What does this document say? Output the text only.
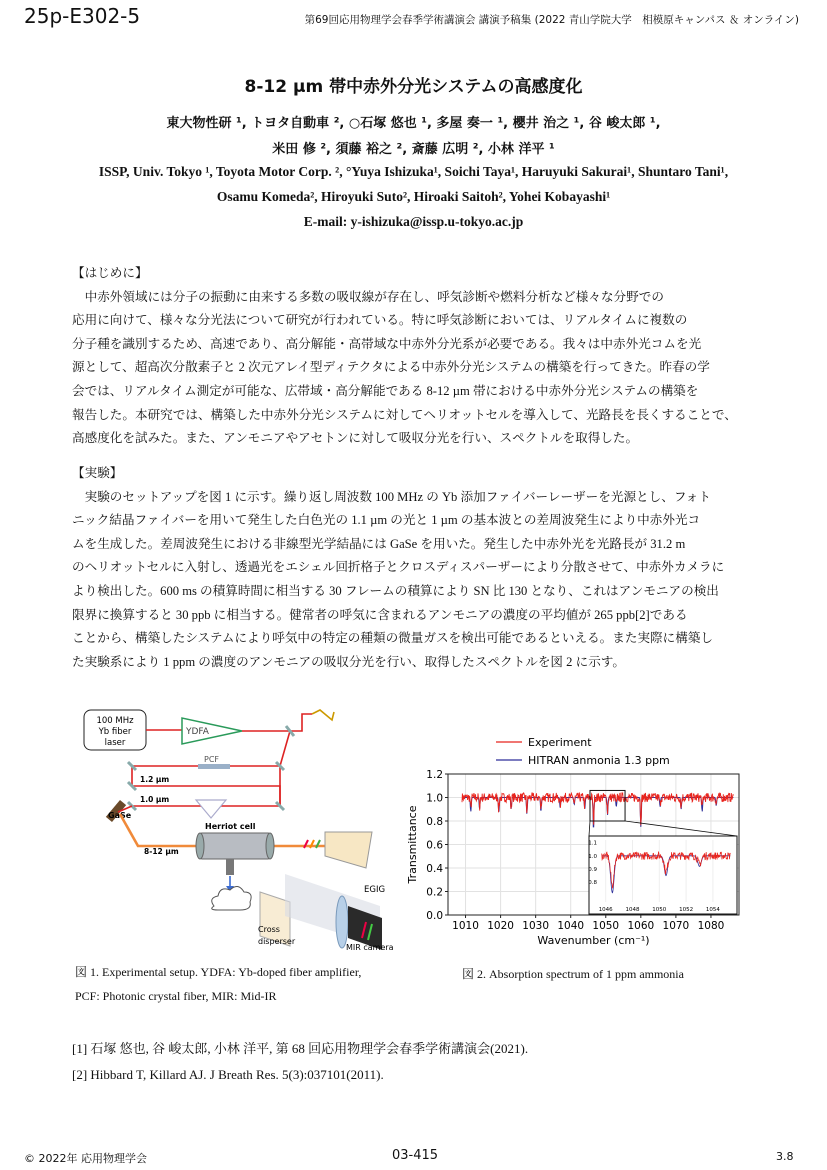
25p-E302-5	第69回応用物理学会春季学術講演会 講演予稿集 (2022 青山学院大学　相模原キャンパス ＆ オンライン)
8-12 µm 帯中赤外分光システムの高感度化
東大物性研 ¹, トヨタ自動車 ², ○石塚 悠也 ¹, 多屋 奏一 ¹, 櫻井 治之 ¹, 谷 峻太郎 ¹,
米田 修 ², 須藤 裕之 ², 斎藤 広明 ², 小林 洋平 ¹
ISSP, Univ. Tokyo ¹, Toyota Motor Corp. ², °Yuya Ishizuka¹, Soichi Taya¹, Haruyuki Sakurai¹, Shuntaro Tani¹,
Osamu Komeda², Hiroyuki Suto², Hiroaki Saitoh², Yohei Kobayashi¹
E-mail: y-ishizuka@issp.u-tokyo.ac.jp

【はじめに】

　中赤外領域には分子の振動に由来する多数の吸収線が存在し、呼気診断や燃料分析など様々な分野での

応用に向けて、様々な分光法について研究が行われている。特に呼気診断においては、リアルタイムに複数の

分子種を識別するため、高速であり、高分解能・高帯域な中赤外分光系が必要である。我々は中赤外光コムを光

源として、超高次分散素子と 2 次元アレイ型ディテクタによる中赤外分光システムの構築を行ってきた。昨春の学

会では、リアルタイム測定が可能な、広帯域・高分解能である 8-12 µm 帯における中赤外分光システムの構築を

報告した。本研究では、構築した中赤外分光システムに対してヘリオットセルを導入して、光路長を長くすることで、

高感度化を試みた。また、アンモニアやアセトンに対して吸収分光を行い、スペクトルを取得した。

【実験】

　実験のセットアップを図 1 に示す。繰り返し周波数 100 MHz の Yb 添加ファイバーレーザーを光源とし、フォト

ニック結晶ファイバーを用いて発生した白色光の 1.1 µm の光と 1 µm の基本波との差周波発生により中赤外光コ

ムを生成した。差周波発生における非線型光学結晶には GaSe を用いた。発生した中赤外光を光路長が 31.2 m

のヘリオットセルに入射し、透過光をエシェル回折格子とクロスディスパーザーにより分散させて、中赤外カメラに

より検出した。600 ms の積算時間に相当する 30 フレームの積算により SN 比 130 となり、これはアンモニアの検出

限界に換算すると 30 ppb に相当する。健常者の呼気に含まれるアンモニアの濃度の平均値が 265 ppb[2]である

ことから、構築したシステムにより呼気中の特定の種類の微量ガスを検出可能であるといえる。また実際に構築し

た実験系により 1 ppm の濃度のアンモニアの吸収分光を行い、取得したスペクトルを図 2 に示す。

100 MHz
Yb fiber
laser
YDFA
PCF
1.2 µm
1.0 µm
GaSe
8-12 µm
Herriot cell
EGIG
Cross
disperser
MIR camera
図 1. Experimental setup. YDFA: Yb-doped fiber amplifier,
PCF: Photonic crystal fiber, MIR: Mid-IR
1010 1020 1030 1040 1050 1060 1070 1080
0.0
0.2
0.4
0.6
0.8
1.0
1.2
Wavenumber (cm⁻¹)
Transmittance
Experiment
HITRAN anmonia 1.3 ppm
1046 1048 1050 1052 1054
0.8
0.9
1.0
1.1
図 2. Absorption spectrum of 1 ppm ammonia
[1] 石塚 悠也, 谷 峻太郎, 小林 洋平, 第 68 回応用物理学会春季学術講演会(2021).
[2] Hibbard T, Killard AJ. J Breath Res. 5(3):037101(2011).
© 2022年 応用物理学会	03-415	3.8
